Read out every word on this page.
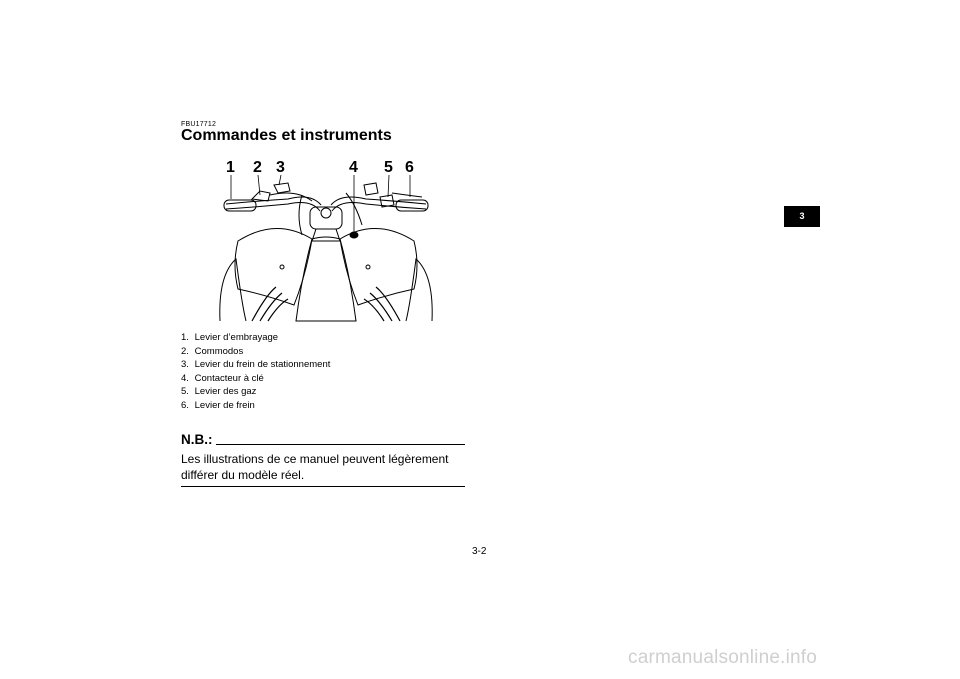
FBU17712
Commandes et instruments
1 2 3	4 5 6
1. Levier d’embrayage
2. Commodos
3. Levier du frein de stationnement
4. Contacteur à clé
5. Levier des gaz
6. Levier de frein
N.B.:

Les illustrations de ce manuel peuvent légèrement différer du modèle réel.

3-2
3
carmanualsonline.info
